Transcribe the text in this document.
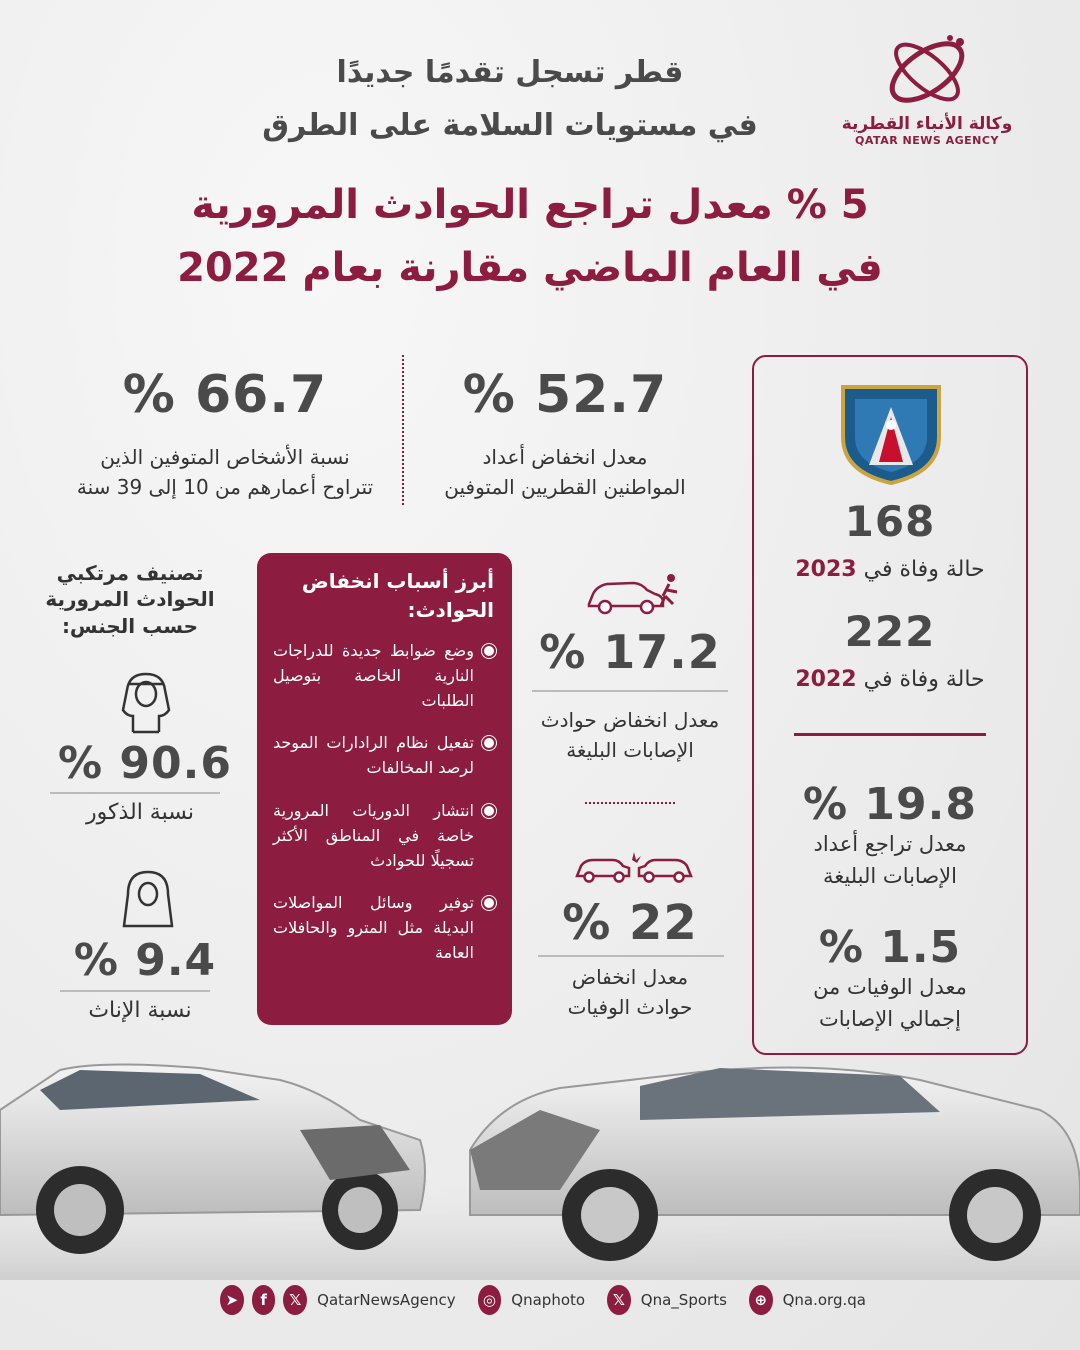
وكالة الأنباء القطرية
QATAR NEWS AGENCY
قطر تسجل تقدمًا جديدًا
في مستويات السلامة على الطرق
5 % معدل تراجع الحوادث المرورية
في العام الماضي مقارنة بعام 2022
% 66.7
نسبة الأشخاص المتوفين الذين
تتراوح أعمارهم من 10 إلى 39 سنة
% 52.7
معدل انخفاض أعداد
المواطنين القطريين المتوفين
168
حالة وفاة في 2023
222
حالة وفاة في 2022
% 19.8
معدل تراجع أعداد
الإصابات البليغة
% 1.5
معدل الوفيات من
إجمالي الإصابات
% 17.2
معدل انخفاض حوادث
الإصابات البليغة
% 22
معدل انخفاض
حوادث الوفيات
أبرز أسباب انخفاض الحوادث:
وضع ضوابط جديدة للدراجات النارية الخاصة بتوصيل الطلبات
تفعيل نظام الرادارات الموحد لرصد المخالفات
انتشار الدوريات المرورية خاصة في المناطق الأكثر تسجيلًا للحوادث
توفير وسائل المواصلات البديلة مثل المترو والحافلات العامة
تصنيف مرتكبي
الحوادث المرورية
حسب الجنس:
% 90.6
نسبة الذكور
% 9.4
نسبة الإناث
➤	f	𝕏	QatarNewsAgency	◎	Qnaphoto	𝕏	Qna_Sports	⊕	Qna.org.qa
